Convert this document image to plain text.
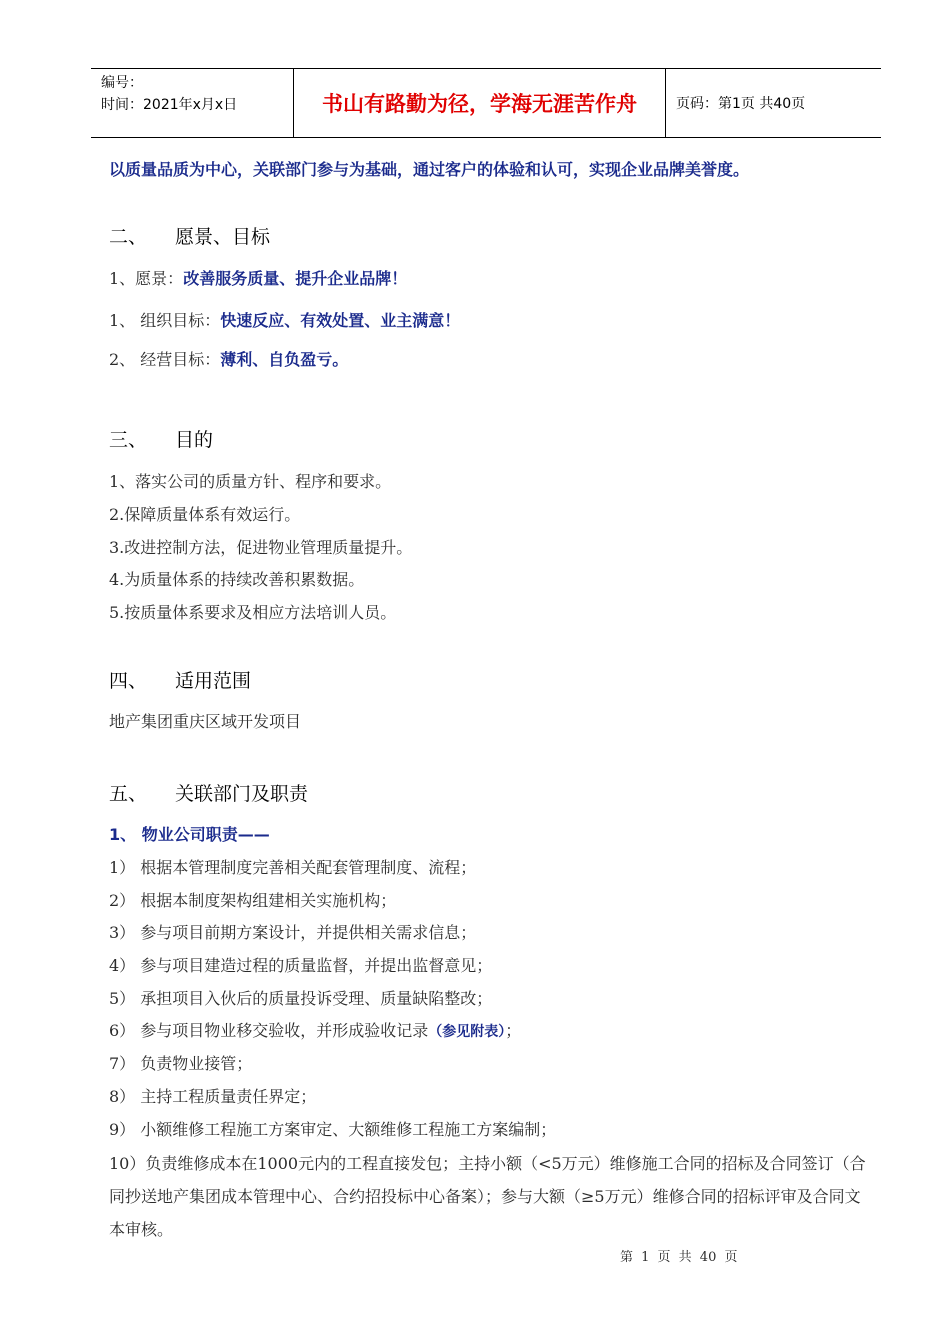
编号：
时间：2021年x月x日	书山有路勤为径，学海无涯苦作舟	页码：第1页 共40页
以质量品质为中心，关联部门参与为基础，通过客户的体验和认可，实现企业品牌美誉度。
二、 愿景、目标
1、愿景：改善服务质量、提升企业品牌！
1、 组织目标：快速反应、有效处置、业主满意！
2、 经营目标：薄利、自负盈亏。
三、 目的
1、落实公司的质量方针、程序和要求。
2.保障质量体系有效运行。
3.改进控制方法，促进物业管理质量提升。
4.为质量体系的持续改善积累数据。
5.按质量体系要求及相应方法培训人员。
四、 适用范围
地产集团重庆区域开发项目
五、 关联部门及职责
1、 物业公司职责——
1） 根据本管理制度完善相关配套管理制度、流程；
2） 根据本制度架构组建相关实施机构；
3） 参与项目前期方案设计，并提供相关需求信息；
4） 参与项目建造过程的质量监督，并提出监督意见；
5） 承担项目入伙后的质量投诉受理、质量缺陷整改；
6） 参与项目物业移交验收，并形成验收记录（参见附表）；
7） 负责物业接管；
8） 主持工程质量责任界定；
9） 小额维修工程施工方案审定、大额维修工程施工方案编制；
10）负责维修成本在1000元内的工程直接发包；主持小额（<5万元）维修施工合同的招标及合同签订（合同抄送地产集团成本管理中心、合约招投标中心备案）；参与大额（≥5万元）维修合同的招标评审及合同文本审核。
第 1 页 共 40 页
